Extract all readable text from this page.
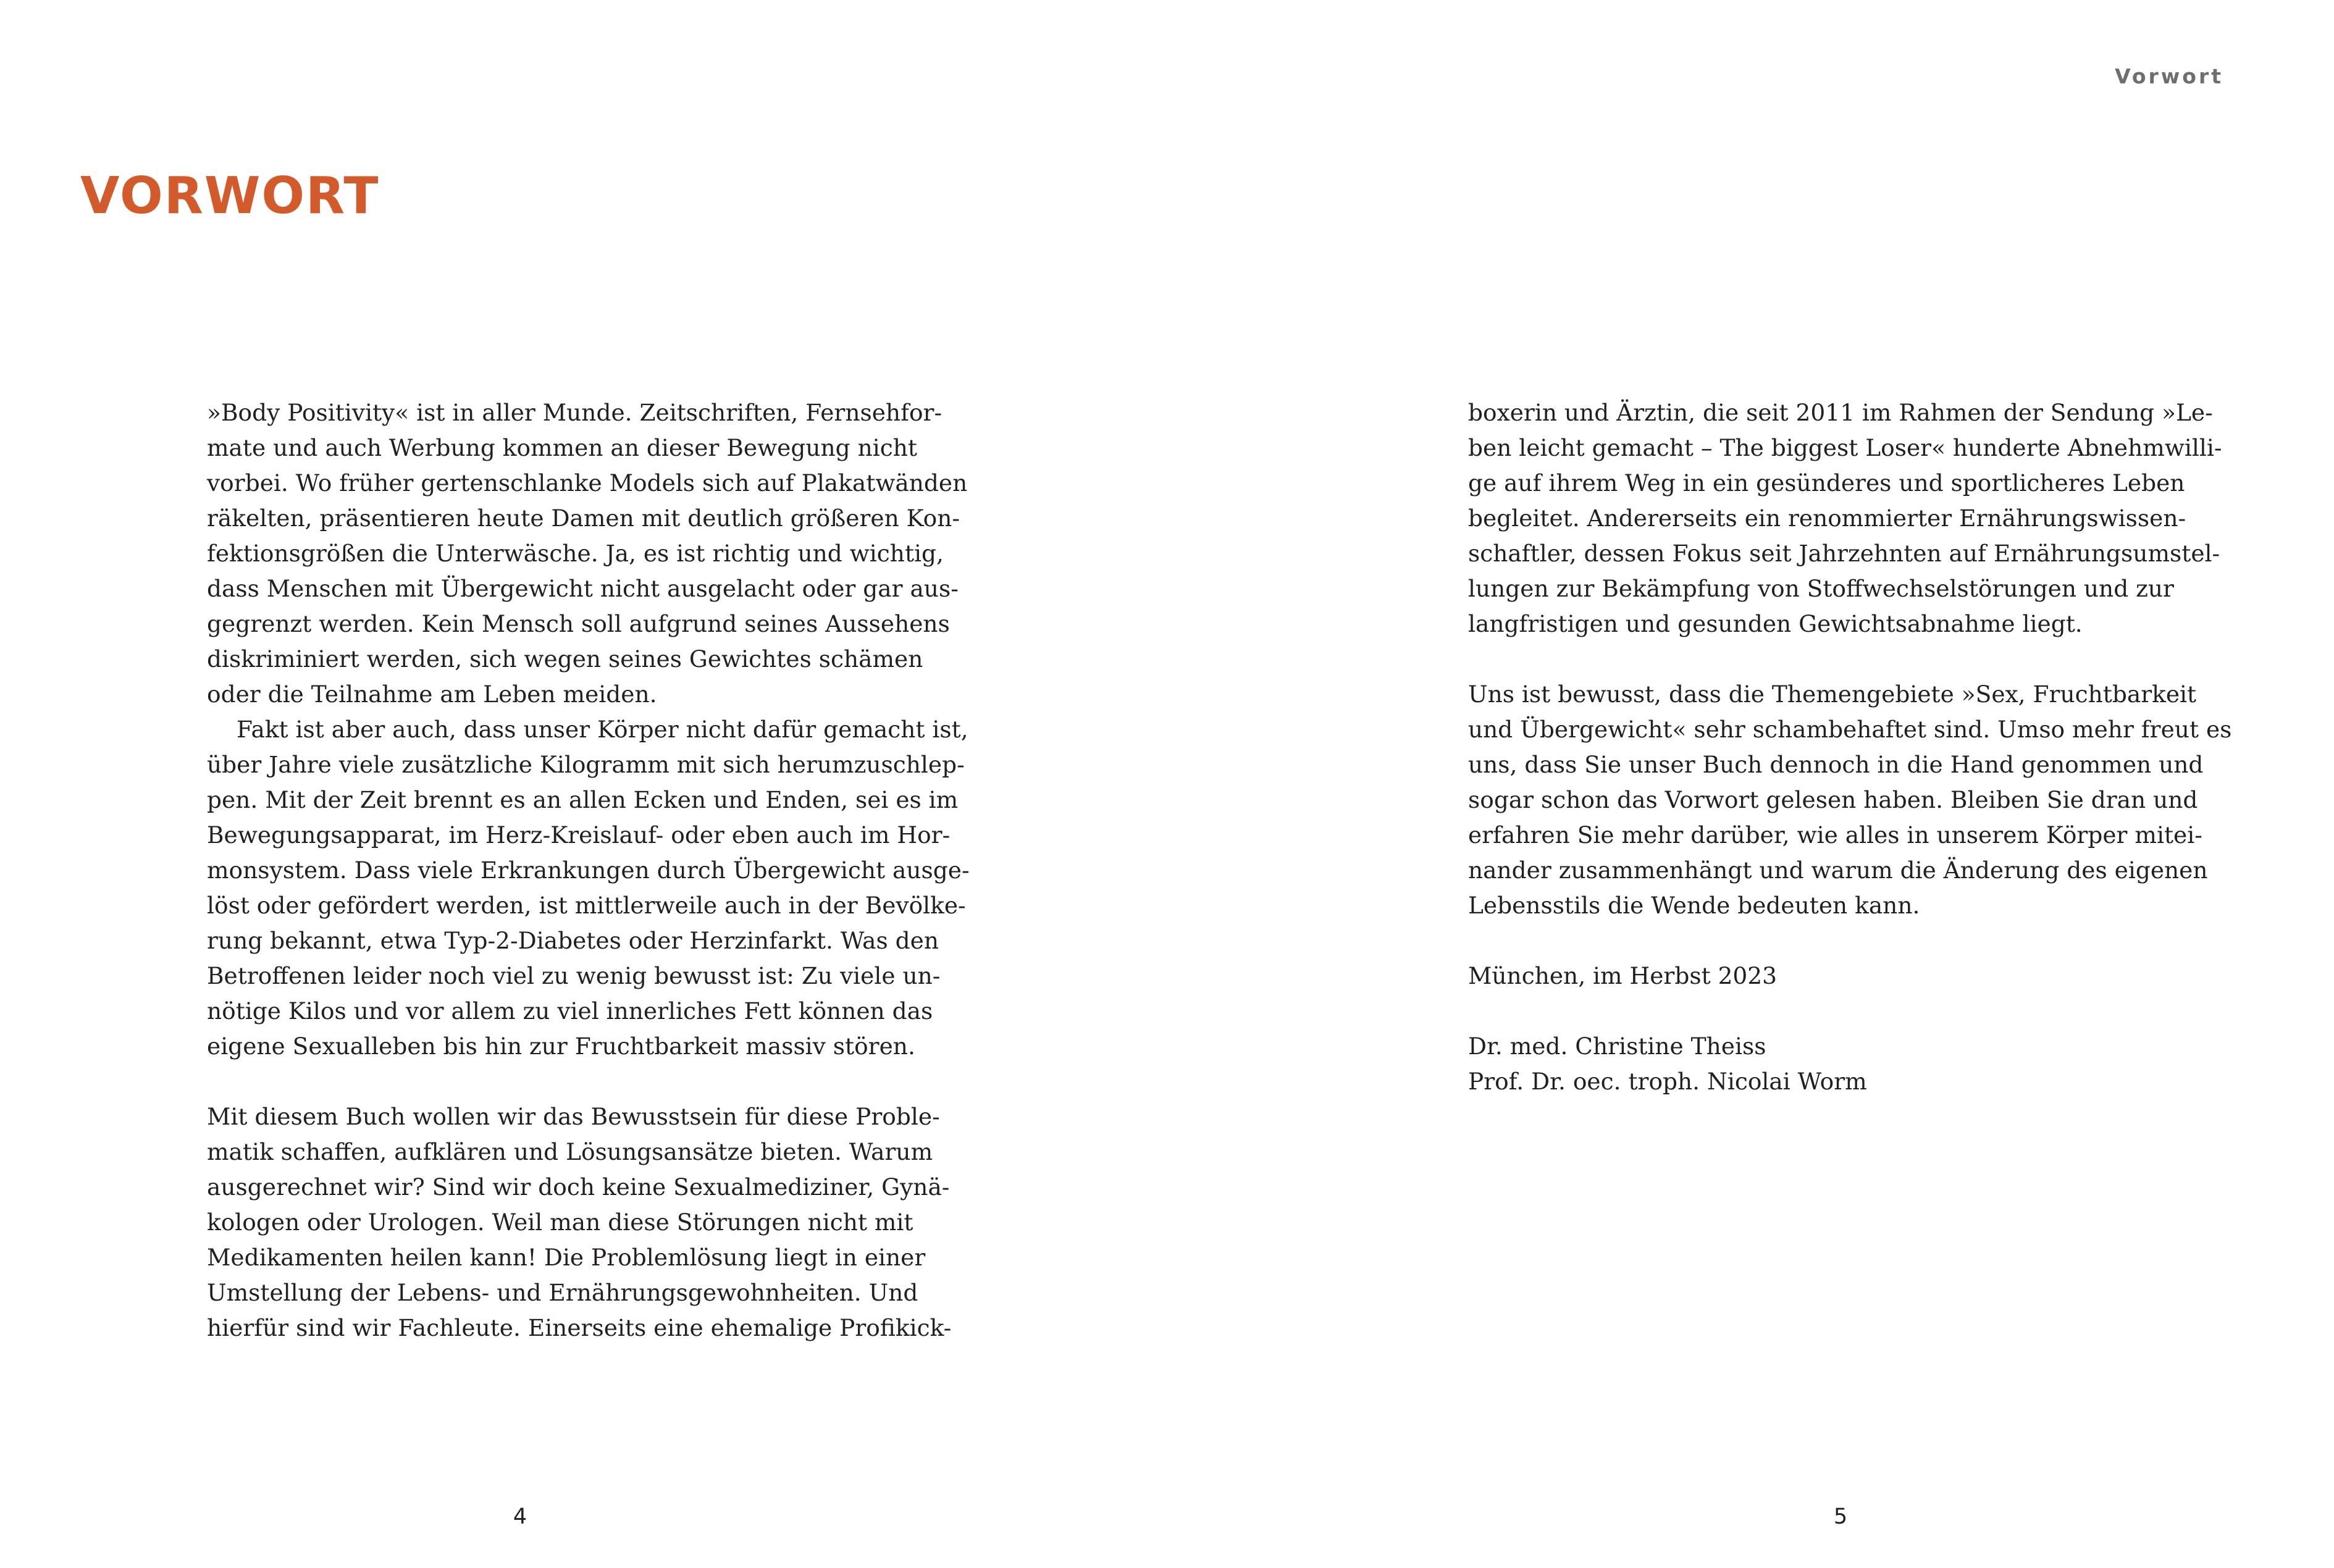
VORWORT
»Body Positivity« ist in aller Munde. Zeitschriften, Fernsehfor-
mate und auch Werbung kommen an dieser Bewegung nicht
vorbei. Wo früher gertenschlanke Models sich auf Plakatwänden
räkelten, präsentieren heute Damen mit deutlich größeren Kon-
fektionsgrößen die Unterwäsche. Ja, es ist richtig und wichtig,
dass Menschen mit Übergewicht nicht ausgelacht oder gar aus-
gegrenzt werden. Kein Mensch soll aufgrund seines Aussehens
diskriminiert werden, sich wegen seines Gewichtes schämen
oder die Teilnahme am Leben meiden.
Fakt ist aber auch, dass unser Körper nicht dafür gemacht ist,
über Jahre viele zusätzliche Kilogramm mit sich herumzuschlep-
pen. Mit der Zeit brennt es an allen Ecken und Enden, sei es im
Bewegungsapparat, im Herz-Kreislauf- oder eben auch im Hor-
monsystem. Dass viele Erkrankungen durch Übergewicht ausge-
löst oder gefördert werden, ist mittlerweile auch in der Bevölke-
rung bekannt, etwa Typ-2-Diabetes oder Herzinfarkt. Was den
Betroffenen leider noch viel zu wenig bewusst ist: Zu viele un-
nötige Kilos und vor allem zu viel innerliches Fett können das
eigene Sexualleben bis hin zur Fruchtbarkeit massiv stören.
Mit diesem Buch wollen wir das Bewusstsein für diese Proble-
matik schaffen, aufklären und Lösungsansätze bieten. Warum
ausgerechnet wir? Sind wir doch keine Sexualmediziner, Gynä-
kologen oder Urologen. Weil man diese Störungen nicht mit
Medikamenten heilen kann! Die Problemlösung liegt in einer
Umstellung der Lebens- und Ernährungsgewohnheiten. Und
hierfür sind wir Fachleute. Einerseits eine ehemalige Profikick-
4	5
Vorwort
boxerin und Ärztin, die seit 2011 im Rahmen der Sendung »Le-
ben leicht gemacht – The biggest Loser« hunderte Abnehmwilli-
ge auf ihrem Weg in ein gesünderes und sportlicheres Leben
begleitet. Andererseits ein renommierter Ernährungswissen-
schaftler, dessen Fokus seit Jahrzehnten auf Ernährungsumstel-
lungen zur Bekämpfung von Stoffwechselstörungen und zur
langfristigen und gesunden Gewichtsabnahme liegt.
Uns ist bewusst, dass die Themengebiete »Sex, Fruchtbarkeit
und Übergewicht« sehr schambehaftet sind. Umso mehr freut es
uns, dass Sie unser Buch dennoch in die Hand genommen und
sogar schon das Vorwort gelesen haben. Bleiben Sie dran und
erfahren Sie mehr darüber, wie alles in unserem Körper mitei-
nander zusammenhängt und warum die Änderung des eigenen
Lebensstils die Wende bedeuten kann.
München, im Herbst 2023
Dr. med. Christine Theiss
Prof. Dr. oec. troph. Nicolai Worm
